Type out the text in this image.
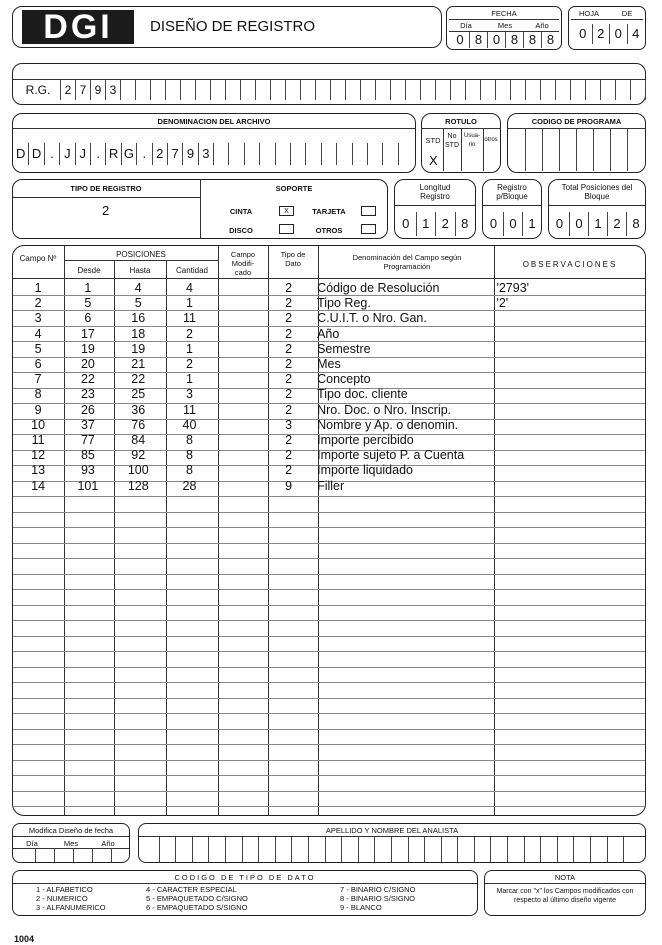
DGI	DISEÑO DE REGISTRO
FECHA
Día	Mes	Año
0 8 0 8 8 8
HOJA	DE
0 2 0 4
R.G.	2 7 9 3
DENOMINACION DEL ARCHIVO
D D . J J . R G . 2 7 9 3
ROTULO
STD	No STD
Usua- rio
otros
X
CODIGO DE PROGRAMA
TIPO DE REGISTRO
2
SOPORTE
CINTA	X	TARJETA
DISCO	OTROS
Longitud Registro
0 1 2 8
Registro p/Bloque
0 0 1
Total Posiciones del Bloque
0 0 1 2 8
Campo Nº	POSICIONES
Desde	Hasta	Cantidad
Campo Modifi- cado
Tipo de Dato
Denominación del Campo según Programación	OBSERVACIONES
1	1	4	4		2	Código de Resolución	'2793'
2	5	5	1		2	Tipo Reg.	'2'
3	6	16	11		2	C.U.I.T. o Nro. Gan.	
4	17	18	2		2	Año	
5	19	19	1		2	Semestre	
6	20	21	2		2	Mes	
7	22	22	1		2	Concepto	
8	23	25	3		2	Tipo doc. cliente	
9	26	36	11		2	Nro. Doc. o Nro. Inscrip.	
10	37	76	40		3	Nombre y Ap. o denomin.	
11	77	84	8		2	Importe percibido	
12	85	92	8		2	Importe sujeto P. a Cuenta	
13	93	100	8		2	Importe liquidado	
14	101	128	28		9	Filler	
Modifica Diseño de fecha
Día	Mes	Año
APELLIDO Y NOMBRE DEL ANALISTA
CODIGO DE TIPO DE DATO
1 - ALFABETICO
2 - NUMERICO
3 - ALFANUMERICO
4 - CARACTER ESPECIAL
5 - EMPAQUETADO C/SIGNO
6 - EMPAQUETADO S/SIGNO
7 - BINARIO C/SIGNO
8 - BINARIO S/SIGNO
9 - BLANCO
NOTA
Marcar con "x" los Campos modificados con respecto al último diseño vigente
1004
